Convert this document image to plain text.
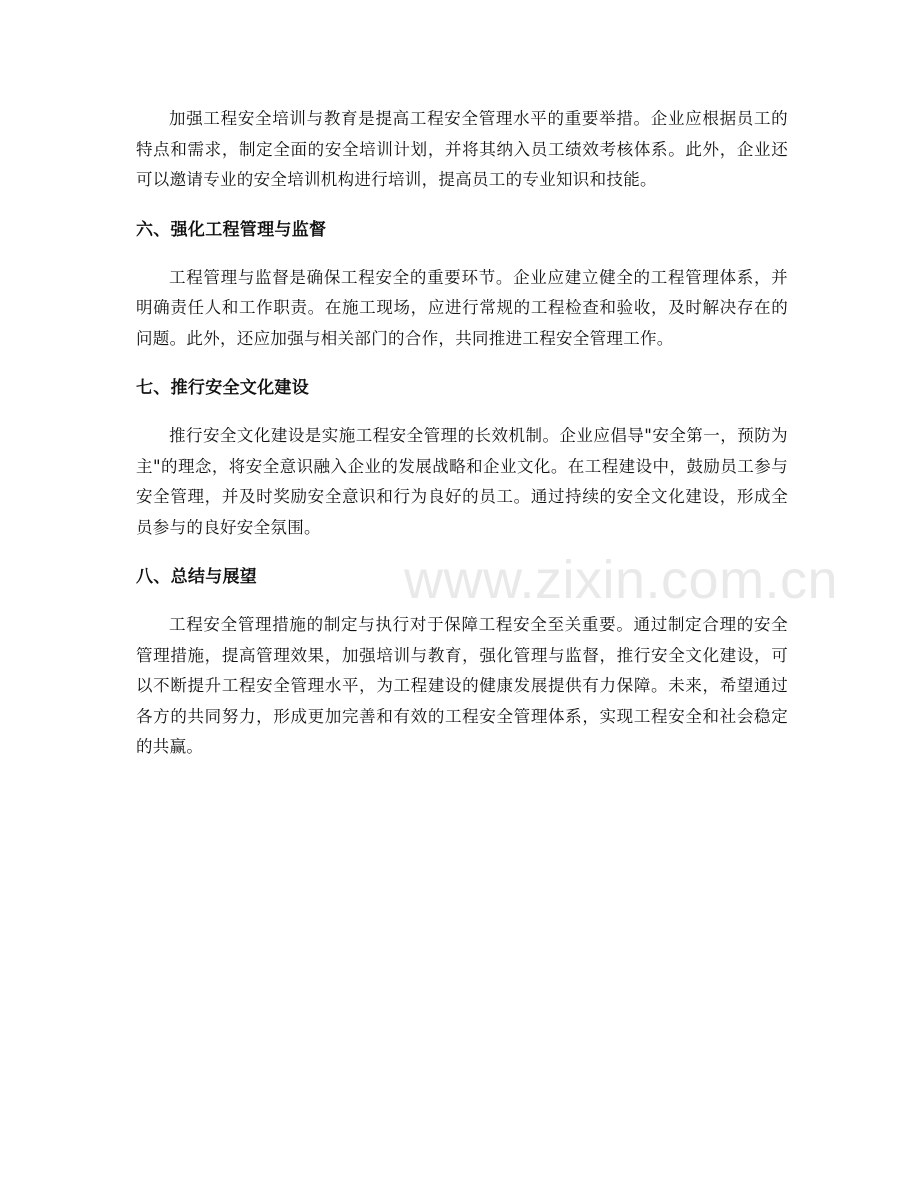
加强工程安全培训与教育是提高工程安全管理水平的重要举措。企业应根据员工的特点和需求，制定全面的安全培训计划，并将其纳入员工绩效考核体系。此外，企业还可以邀请专业的安全培训机构进行培训，提高员工的专业知识和技能。

六、强化工程管理与监督

工程管理与监督是确保工程安全的重要环节。企业应建立健全的工程管理体系，并明确责任人和工作职责。在施工现场，应进行常规的工程检查和验收，及时解决存在的问题。此外，还应加强与相关部门的合作，共同推进工程安全管理工作。

七、推行安全文化建设

推行安全文化建设是实施工程安全管理的长效机制。企业应倡导"安全第一，预防为主"的理念，将安全意识融入企业的发展战略和企业文化。在工程建设中，鼓励员工参与安全管理，并及时奖励安全意识和行为良好的员工。通过持续的安全文化建设，形成全员参与的良好安全氛围。

八、总结与展望

工程安全管理措施的制定与执行对于保障工程安全至关重要。通过制定合理的安全管理措施，提高管理效果，加强培训与教育，强化管理与监督，推行安全文化建设，可以不断提升工程安全管理水平，为工程建设的健康发展提供有力保障。未来，希望通过各方的共同努力，形成更加完善和有效的工程安全管理体系，实现工程安全和社会稳定的共赢。

www.zixin.com.cn
